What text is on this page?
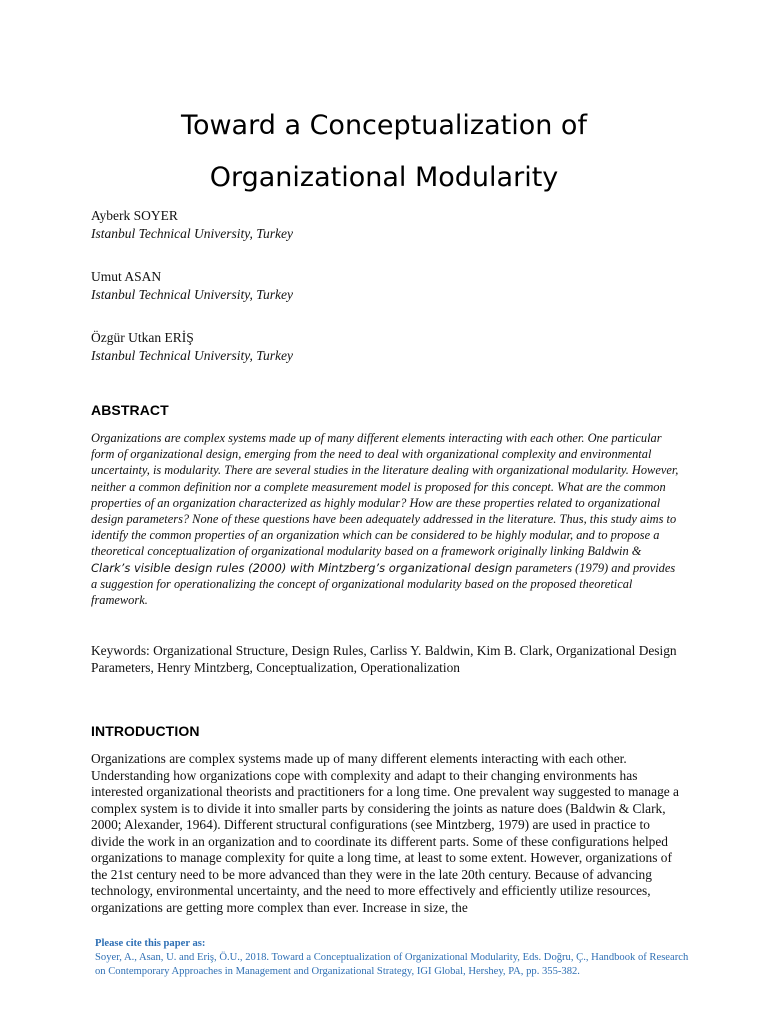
Toward a Conceptualization of
Organizational Modularity

Ayberk SOYER
Istanbul Technical University, Turkey

Umut ASAN
Istanbul Technical University, Turkey

Özgür Utkan ERİŞ
Istanbul Technical University, Turkey

ABSTRACT

Organizations are complex systems made up of many different elements interacting with each other. One particular form of organizational design, emerging from the need to deal with organizational complexity and environmental uncertainty, is modularity. There are several studies in the literature dealing with organizational modularity. However, neither a common definition nor a complete measurement model is proposed for this concept. What are the common properties of an organization characterized as highly modular? How are these properties related to organizational design parameters? None of these questions have been adequately addressed in the literature. Thus, this study aims to identify the common properties of an organization which can be considered to be highly modular, and to propose a theoretical conceptualization of organizational modularity based on a framework originally linking Baldwin & Clark’s visible design rules (2000) with Mintzberg’s organizational design parameters (1979) and provides a suggestion for operationalizing the concept of organizational modularity based on the proposed theoretical framework.

Keywords: Organizational Structure, Design Rules, Carliss Y. Baldwin, Kim B. Clark, Organizational Design Parameters, Henry Mintzberg, Conceptualization, Operationalization

INTRODUCTION

Organizations are complex systems made up of many different elements interacting with each other. Understanding how organizations cope with complexity and adapt to their changing environments has interested organizational theorists and practitioners for a long time. One prevalent way suggested to manage a complex system is to divide it into smaller parts by considering the joints as nature does (Baldwin & Clark, 2000; Alexander, 1964). Different structural configurations (see Mintzberg, 1979) are used in practice to divide the work in an organization and to coordinate its different parts. Some of these configurations helped organizations to manage complexity for quite a long time, at least to some extent. However, organizations of the 21st century need to be more advanced than they were in the late 20th century. Because of advancing technology, environmental uncertainty, and the need to more effectively and efficiently utilize resources, organizations are getting more complex than ever. Increase in size, the

Please cite this paper as:
Soyer, A., Asan, U. and Eriş, Ö.U., 2018. Toward a Conceptualization of Organizational Modularity, Eds. Doğru, Ç., Handbook of Research on Contemporary Approaches in Management and Organizational Strategy, IGI Global, Hershey, PA, pp. 355-382.
